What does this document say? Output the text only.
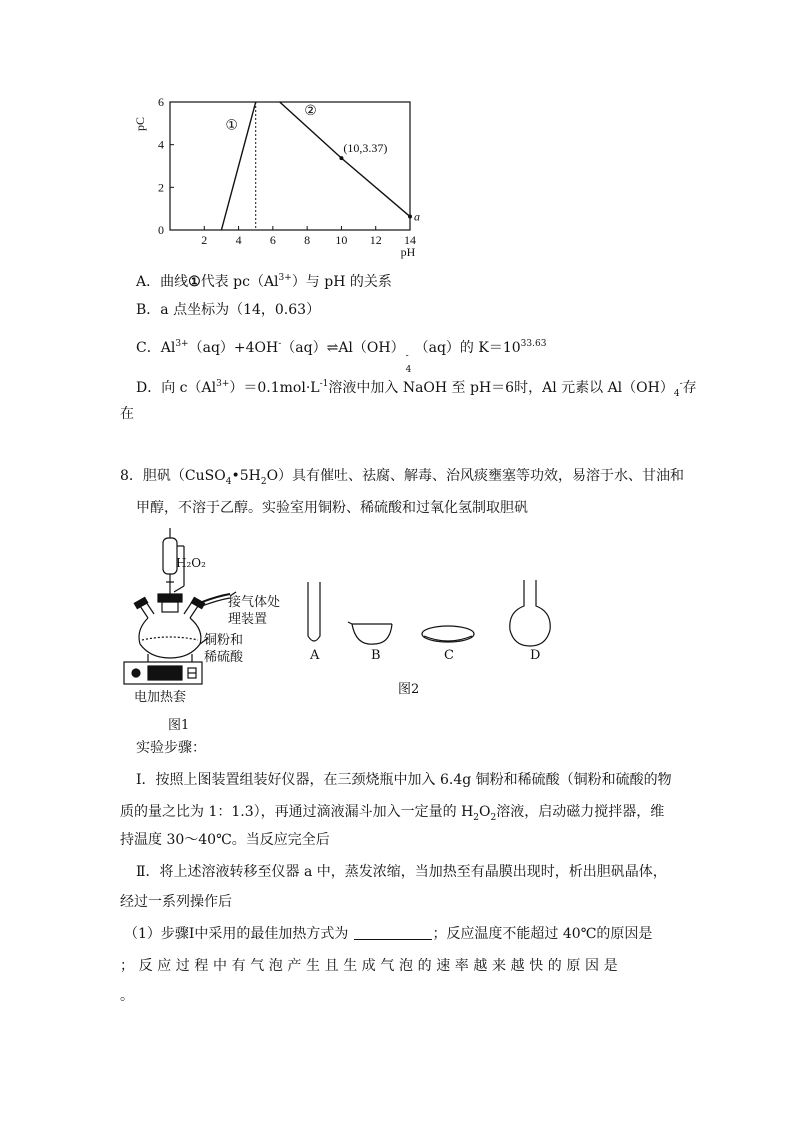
2 4 6 8 10 12 14
0
2
4
6
pH
pC	①
②
(10,3.37)
a
A．曲线①代表 $pc(Al^{3+})$与 pH 的关系
B．a 点坐标为（14，0.63）
C．$Al^{3+}(aq)+4OH^-(aq)\rightleftharpoons Al(OH)$ -
4
（aq）的 $K=10^{33.63}$
D．向 $c(Al^{3+})=0.1mol\cdot L^{-1}$溶液中加入 NaOH 至 pH＝6时，Al 元素以 $Al(OH)_4^-$存
在
8．胆矾$(CuSO_4•5H_2O)$具有催吐、祛腐、解毒、治风痰壅塞等功效，易溶于水、甘油和
甲醇，不溶于乙醇。实验室用铜粉、稀硫酸和过氧化氢制取胆矾
H₂O₂
接气体处
理装置
铜粉和
稀硫酸
电加热套
图1
A	B	C	D
图2
实验步骤：
Ⅰ．按照上图装置组装好仪器，在三颈烧瓶中加入 6.4g 铜粉和稀硫酸（铜粉和硫酸的物
质的量之比为 1：1.3），再通过滴液漏斗加入一定量的 $H_2O_2$溶液，启动磁力搅拌器，维
持温度 30～40℃。当反应完全后
Ⅱ．将上述溶液转移至仪器 a 中，蒸发浓缩，当加热至有晶膜出现时，析出胆矾晶体，
经过一系列操作后
（1）步骤Ⅰ中采用的最佳加热方式为	；反应温度不能超过 40℃的原因是
；反应过程中有气泡产生且生成气泡的速率越来越快的原因是
。
